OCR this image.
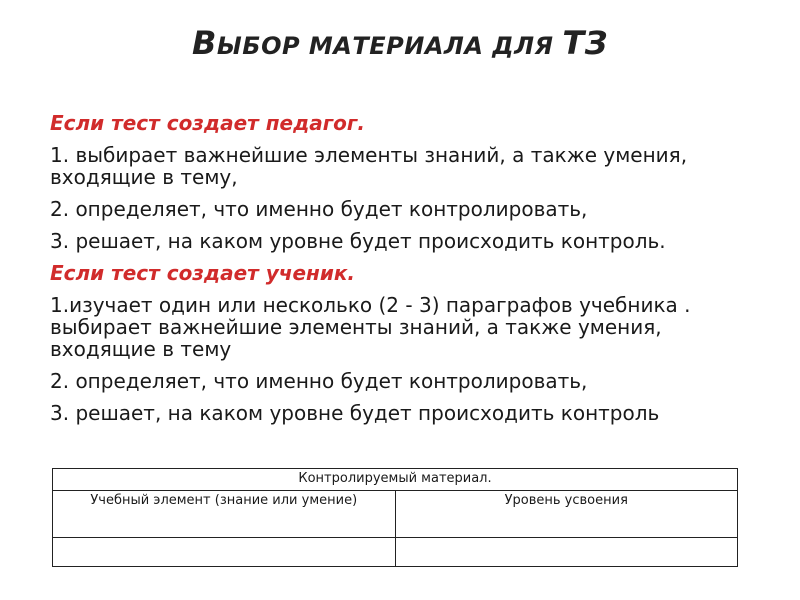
ВЫБОР МАТЕРИАЛА ДЛЯ ТЗ

Если тест создает педагог.

1. выбирает важнейшие элементы знаний, а также умения, входящие в тему,

2. определяет, что именно будет контролировать,

3. решает, на каком уровне будет происходить контроль.

Если тест создает ученик.

1.изучает один или несколько (2 - 3) параграфов учебника . выбирает важнейшие элементы знаний, а также умения, входящие в тему

2. определяет, что именно будет контролировать,

3. решает, на каком уровне будет происходить контроль

Контролируемый материал.	
Учебный элемент (знание или умение)	Уровень усвоения
